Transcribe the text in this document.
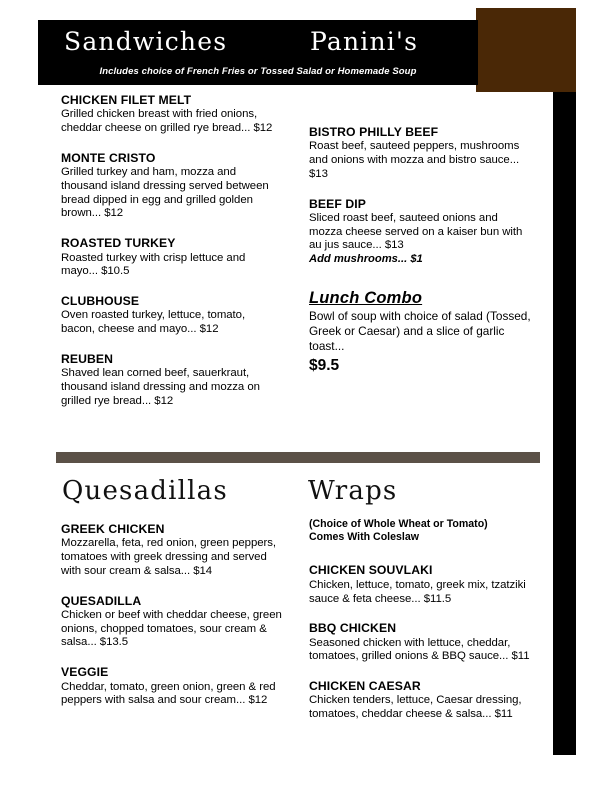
Sandwiches	Panini's
Includes choice of French Fries or Tossed Salad or Homemade Soup
CHICKEN FILET MELT
Grilled chicken breast with fried onions, cheddar cheese on grilled rye bread... $12
MONTE CRISTO
Grilled turkey and ham, mozza and thousand island dressing served between bread dipped in egg and grilled golden brown... $12
ROASTED TURKEY
Roasted turkey with crisp lettuce and mayo... $10.5
CLUBHOUSE
Oven roasted turkey, lettuce, tomato, bacon, cheese and mayo... $12
REUBEN
Shaved lean corned beef, sauerkraut, thousand island dressing and mozza on grilled rye bread... $12
BISTRO PHILLY BEEF
Roast beef, sauteed peppers, mushrooms and onions with mozza and bistro sauce... $13
BEEF DIP
Sliced roast beef, sauteed onions and mozza cheese served on a kaiser bun with au jus sauce... $13
Add mushrooms... $1
Lunch Combo
Bowl of soup with choice of salad (Tossed, Greek or Caesar) and a slice of garlic toast...
$9.5
Quesadillas	Wraps
GREEK CHICKEN
Mozzarella, feta, red onion, green peppers, tomatoes with greek dressing and served with sour cream & salsa... $14
QUESADILLA
Chicken or beef with cheddar cheese, green onions, chopped tomatoes, sour cream & salsa... $13.5
VEGGIE
Cheddar, tomato, green onion, green & red peppers with salsa and sour cream... $12
(Choice of Whole Wheat or Tomato)
Comes With Coleslaw
CHICKEN SOUVLAKI
Chicken, lettuce, tomato, greek mix, tzatziki sauce & feta cheese... $11.5
BBQ CHICKEN
Seasoned chicken with lettuce, cheddar, tomatoes, grilled onions & BBQ sauce... $11
CHICKEN CAESAR
Chicken tenders, lettuce, Caesar dressing, tomatoes, cheddar cheese & salsa... $11
